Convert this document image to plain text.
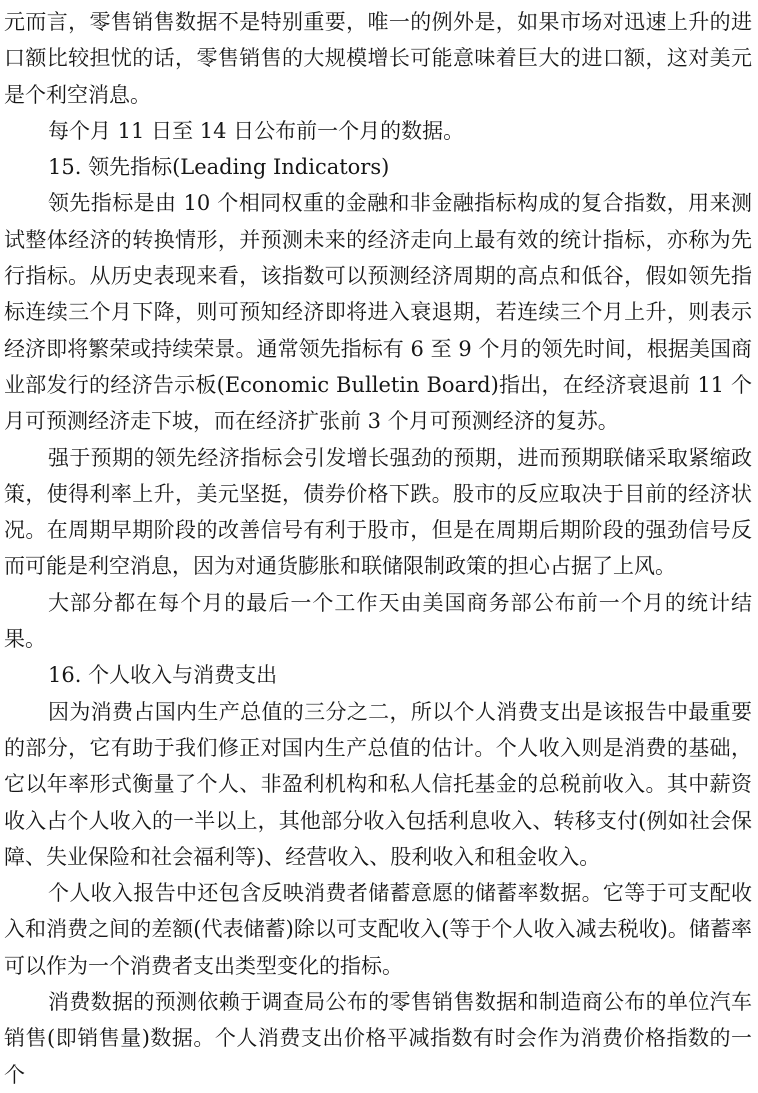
元而言，零售销售数据不是特别重要，唯一的例外是，如果市场对迅速上升的进口额比较担忧的话，零售销售的大规模增长可能意味着巨大的进口额，这对美元是个利空消息。

每个月 11 日至 14 日公布前一个月的数据。

15. 领先指标(Leading Indicators)

领先指标是由 10 个相同权重的金融和非金融指标构成的复合指数，用来测试整体经济的转换情形，并预测未来的经济走向上最有效的统计指标，亦称为先行指标。从历史表现来看，该指数可以预测经济周期的高点和低谷，假如领先指标连续三个月下降，则可预知经济即将进入衰退期，若连续三个月上升，则表示经济即将繁荣或持续荣景。通常领先指标有 6 至 9 个月的领先时间，根据美国商业部发行的经济告示板(Economic Bulletin Board)指出，在经济衰退前 11 个月可预测经济走下坡，而在经济扩张前 3 个月可预测经济的复苏。

强于预期的领先经济指标会引发增长强劲的预期，进而预期联储采取紧缩政策，使得利率上升，美元坚挺，债券价格下跌。股市的反应取决于目前的经济状况。在周期早期阶段的改善信号有利于股市，但是在周期后期阶段的强劲信号反而可能是利空消息，因为对通货膨胀和联储限制政策的担心占据了上风。

大部分都在每个月的最后一个工作天由美国商务部公布前一个月的统计结果。

16. 个人收入与消费支出

因为消费占国内生产总值的三分之二，所以个人消费支出是该报告中最重要的部分，它有助于我们修正对国内生产总值的估计。个人收入则是消费的基础，它以年率形式衡量了个人、非盈利机构和私人信托基金的总税前收入。其中薪资收入占个人收入的一半以上，其他部分收入包括利息收入、转移支付(例如社会保障、失业保险和社会福利等)、经营收入、股利收入和租金收入。

个人收入报告中还包含反映消费者储蓄意愿的储蓄率数据。它等于可支配收入和消费之间的差额(代表储蓄)除以可支配收入(等于个人收入减去税收)。储蓄率可以作为一个消费者支出类型变化的指标。

消费数据的预测依赖于调查局公布的零售销售数据和制造商公布的单位汽车销售(即销售量)数据。个人消费支出价格平减指数有时会作为消费价格指数的一个
